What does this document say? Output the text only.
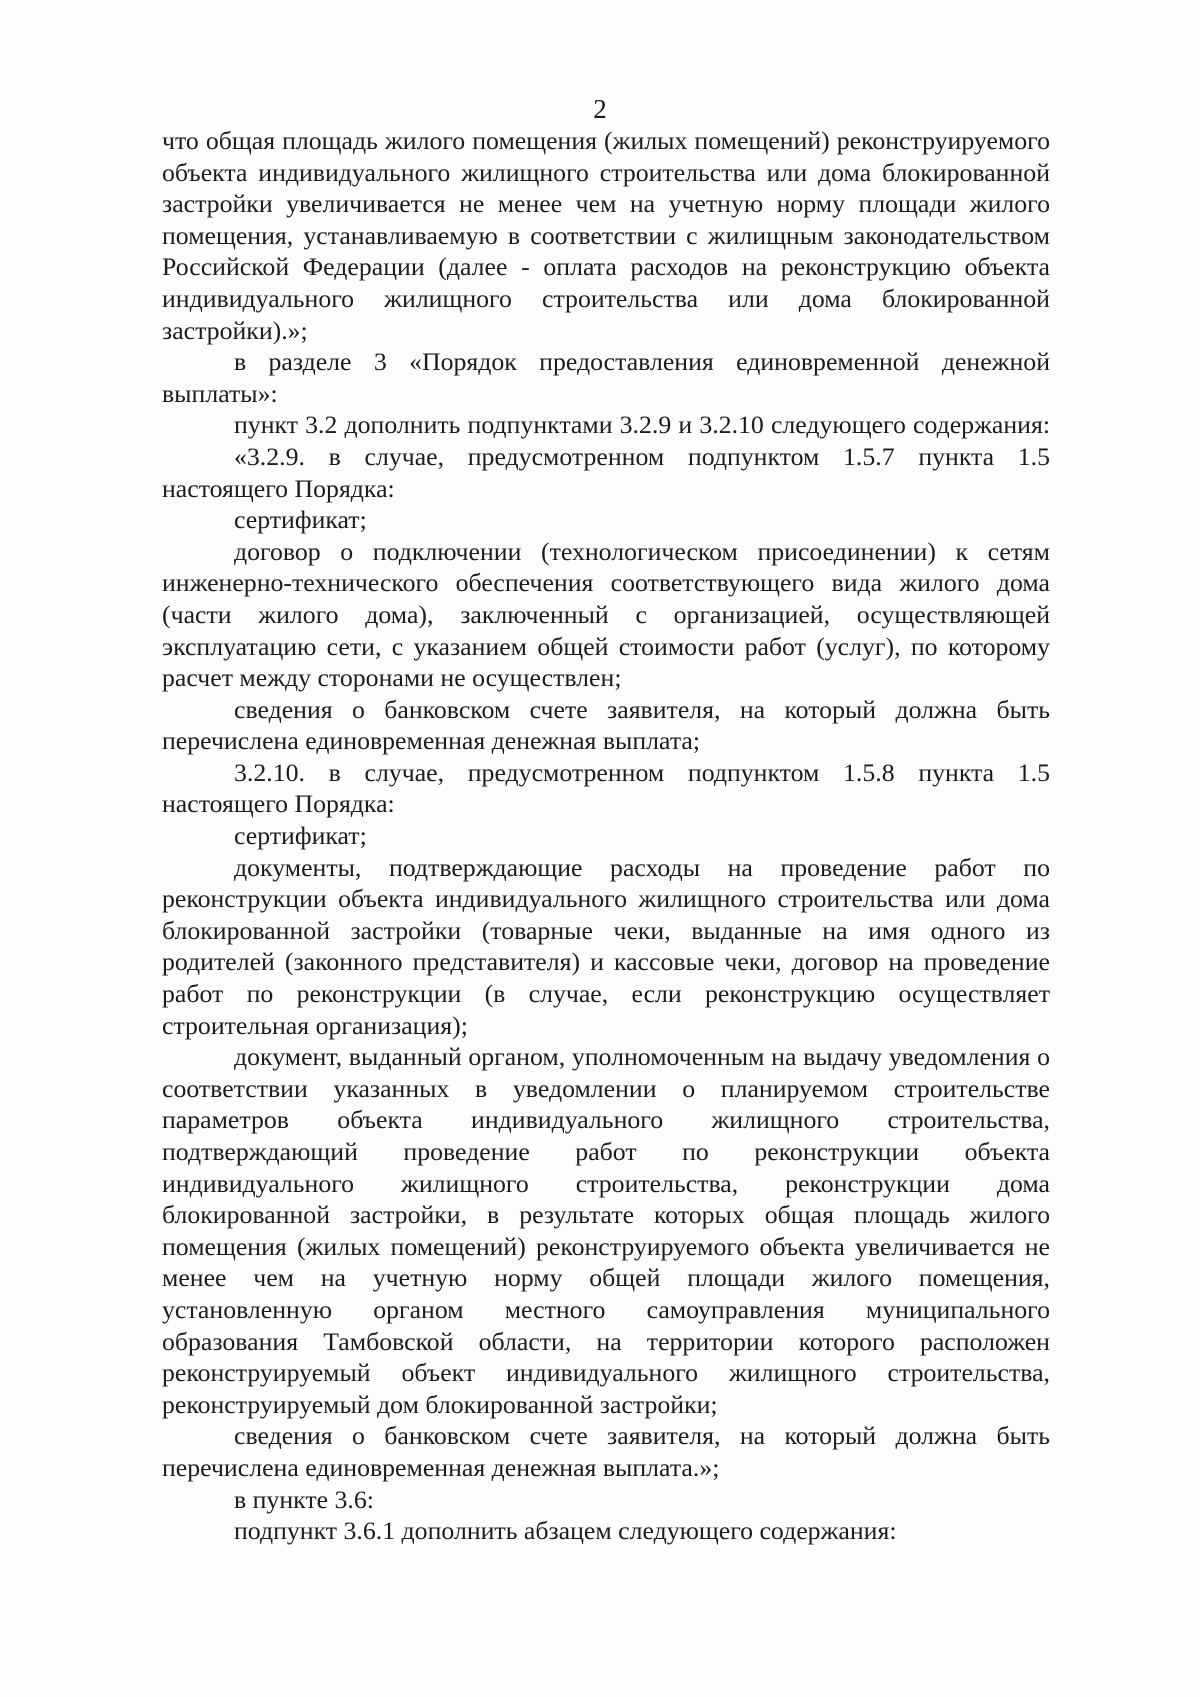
2

что общая площадь жилого помещения (жилых помещений) реконструируемого объекта индивидуального жилищного строительства или дома блокированной застройки увеличивается не менее чем на учетную норму площади жилого помещения, устанавливаемую в соответствии с жилищным законодательством Российской Федерации (далее - оплата расходов на реконструкцию объекта индивидуального жилищного строительства или дома блокированной застройки).»;

в разделе 3 «Порядок предоставления единовременной денежной выплаты»:

пункт 3.2 дополнить подпунктами 3.2.9 и 3.2.10 следующего содержания:

«3.2.9. в случае, предусмотренном подпунктом 1.5.7 пункта 1.5 настоящего Порядка:

сертификат;

договор о подключении (технологическом присоединении) к сетям инженерно-технического обеспечения соответствующего вида жилого дома (части жилого дома), заключенный с организацией, осуществляющей эксплуатацию сети, с указанием общей стоимости работ (услуг), по которому расчет между сторонами не осуществлен;

сведения о банковском счете заявителя, на который должна быть перечислена единовременная денежная выплата;

3.2.10. в случае, предусмотренном подпунктом 1.5.8 пункта 1.5 настоящего Порядка:

сертификат;

документы, подтверждающие расходы на проведение работ по реконструкции объекта индивидуального жилищного строительства или дома блокированной застройки (товарные чеки, выданные на имя одного из родителей (законного представителя) и кассовые чеки, договор на проведение работ по реконструкции (в случае, если реконструкцию осуществляет строительная организация);

документ, выданный органом, уполномоченным на выдачу уведомления о соответствии указанных в уведомлении о планируемом строительстве параметров объекта индивидуального жилищного строительства, подтверждающий проведение работ по реконструкции объекта индивидуального жилищного строительства, реконструкции дома блокированной застройки, в результате которых общая площадь жилого помещения (жилых помещений) реконструируемого объекта увеличивается не менее чем на учетную норму общей площади жилого помещения, установленную органом местного самоуправления муниципального образования Тамбовской области, на территории которого расположен реконструируемый объект индивидуального жилищного строительства, реконструируемый дом блокированной застройки;

сведения о банковском счете заявителя, на который должна быть перечислена единовременная денежная выплата.»;

в пункте 3.6:

подпункт 3.6.1 дополнить абзацем следующего содержания:
